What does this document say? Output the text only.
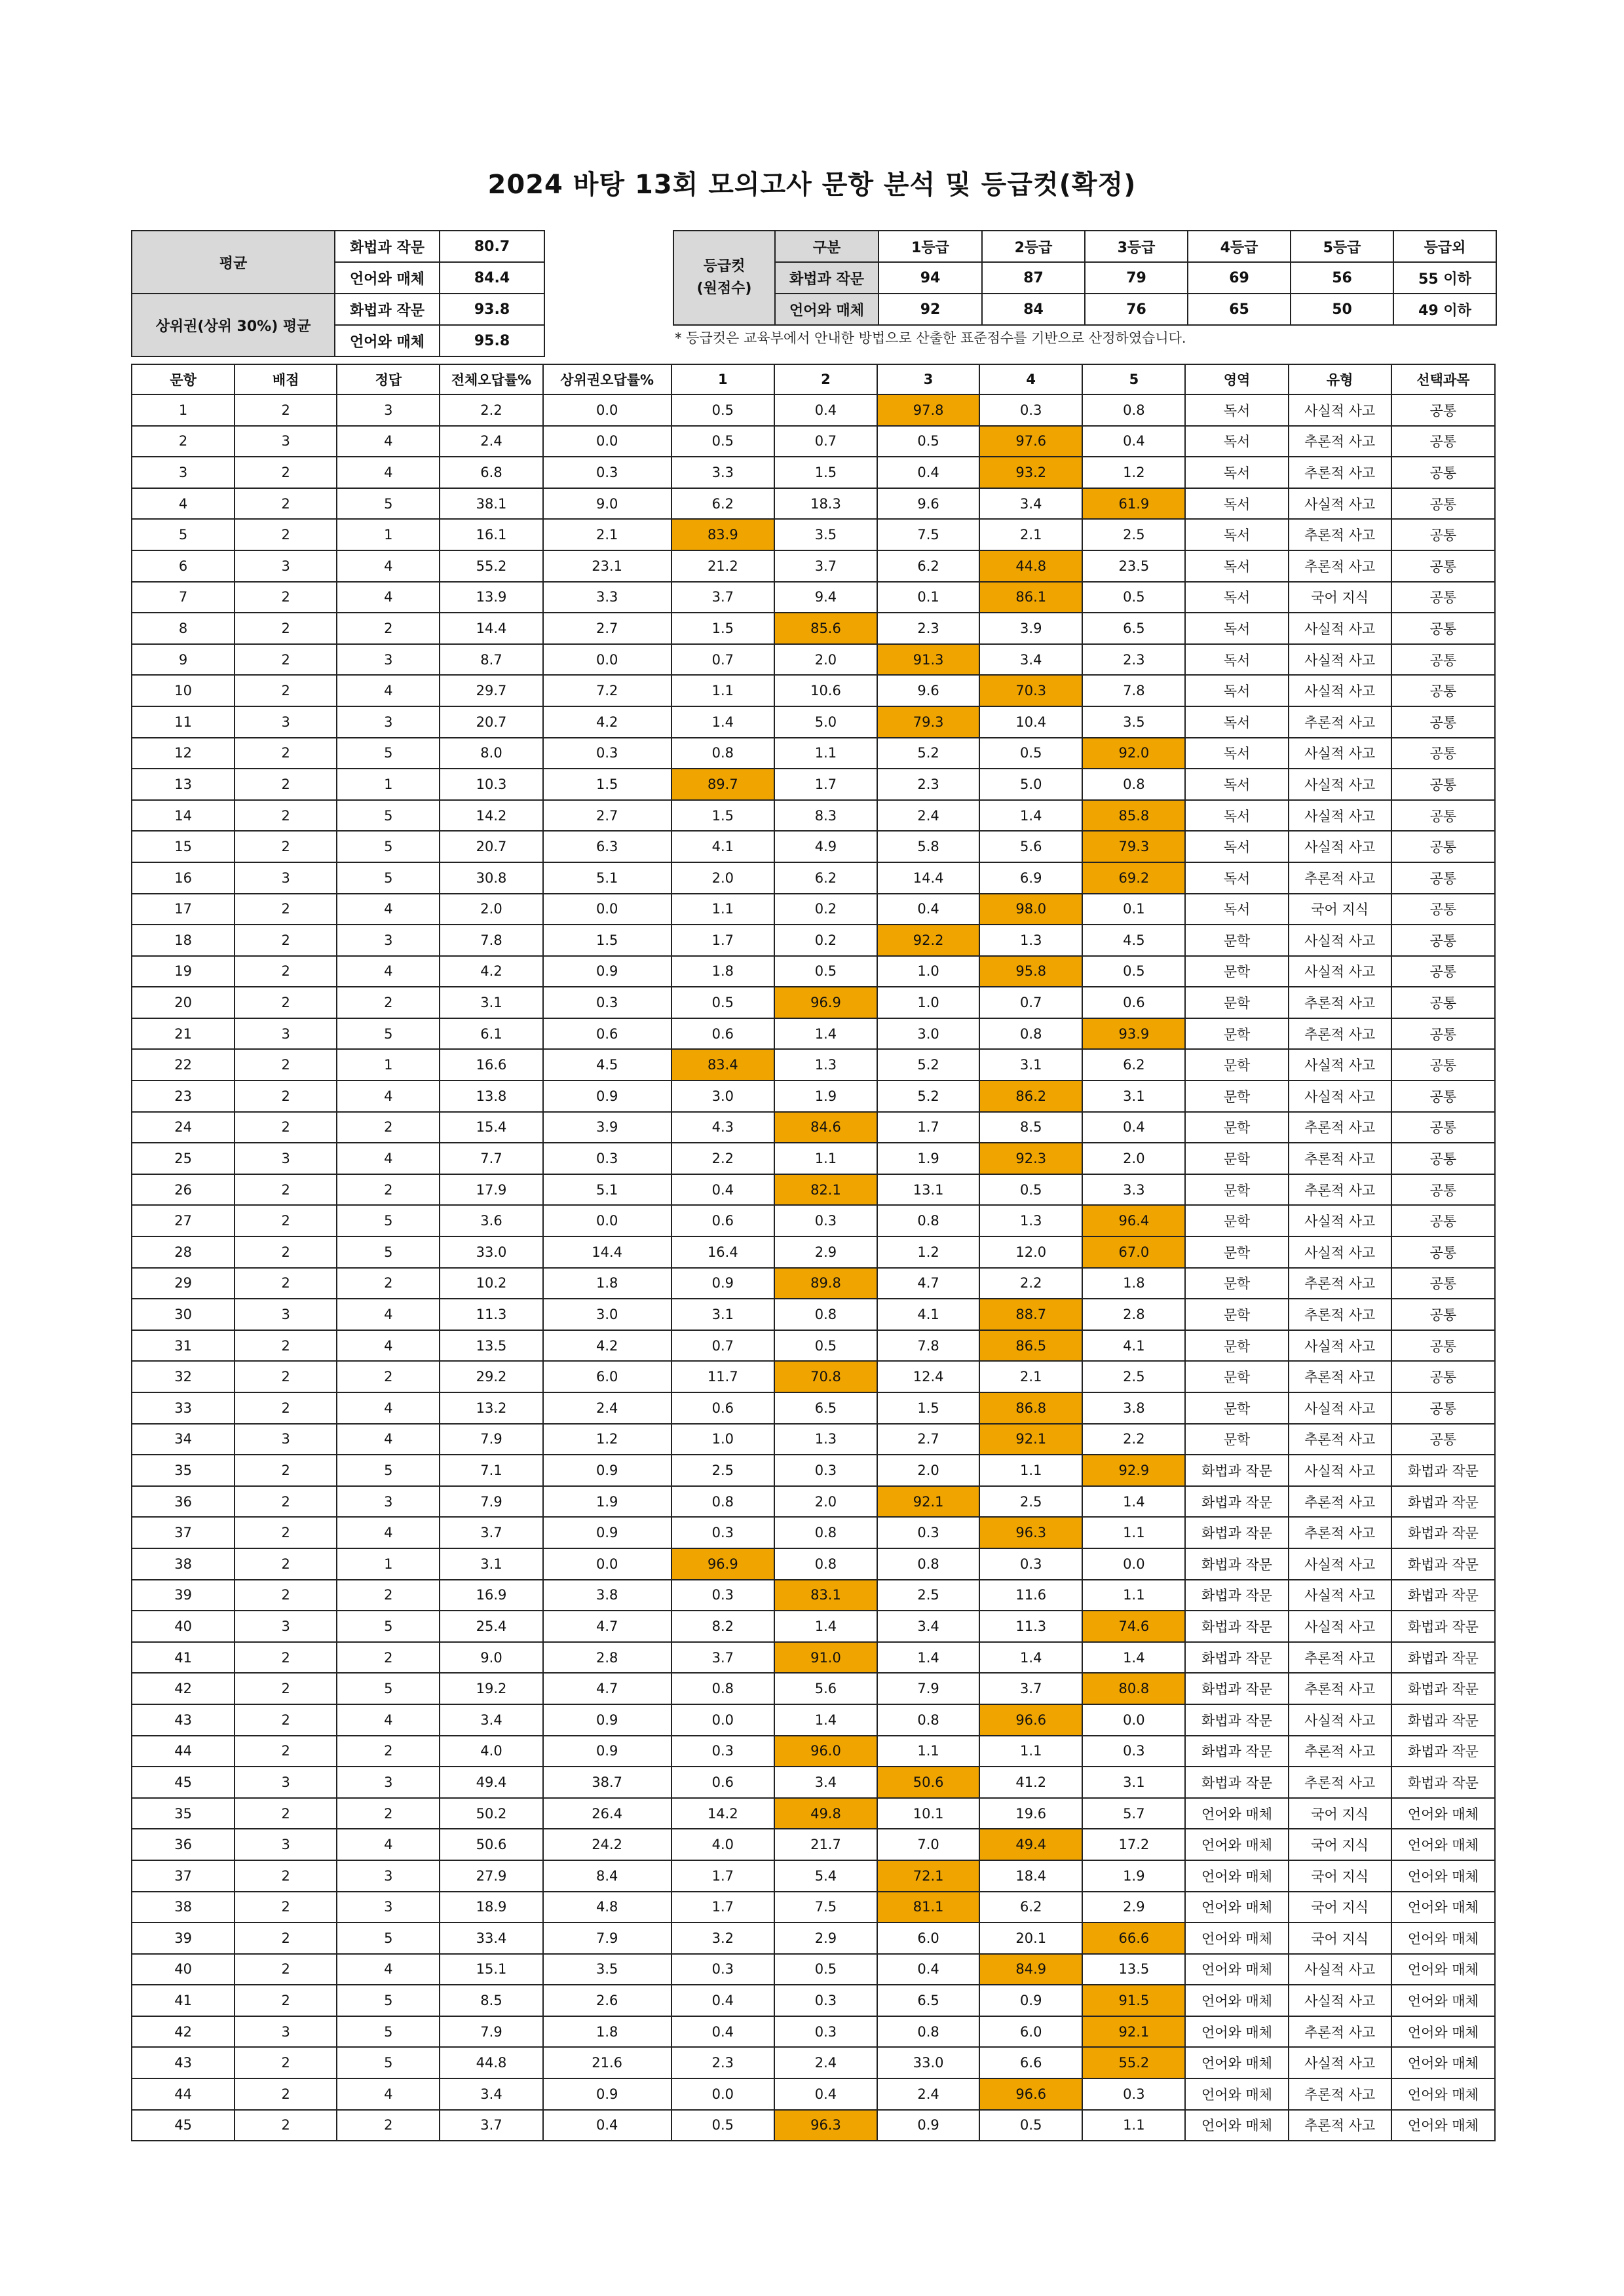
2024 바탕 13회 모의고사 문항 분석 및 등급컷(확정)
평균	화법과 작문	80.7
	언어와 매체	84.4
상위권(상위 30%) 평균	화법과 작문	93.8
	언어와 매체	95.8
등급컷
(원점수)	구분	1등급	2등급	3등급	4등급	5등급	등급외
	화법과 작문	94	87	79	69	56	55 이하
	언어와 매체	92	84	76	65	50	49 이하
* 등급컷은 교육부에서 안내한 방법으로 산출한 표준점수를 기반으로 산정하였습니다.
문항	배점	정답	전체오답률%	상위권오답률%	1	2	3	4	5	영역	유형	선택과목
1	2	3	2.2	0.0	0.5	0.4	97.8	0.3	0.8	독서	사실적 사고	공통
2	3	4	2.4	0.0	0.5	0.7	0.5	97.6	0.4	독서	추론적 사고	공통
3	2	4	6.8	0.3	3.3	1.5	0.4	93.2	1.2	독서	추론적 사고	공통
4	2	5	38.1	9.0	6.2	18.3	9.6	3.4	61.9	독서	사실적 사고	공통
5	2	1	16.1	2.1	83.9	3.5	7.5	2.1	2.5	독서	추론적 사고	공통
6	3	4	55.2	23.1	21.2	3.7	6.2	44.8	23.5	독서	추론적 사고	공통
7	2	4	13.9	3.3	3.7	9.4	0.1	86.1	0.5	독서	국어 지식	공통
8	2	2	14.4	2.7	1.5	85.6	2.3	3.9	6.5	독서	사실적 사고	공통
9	2	3	8.7	0.0	0.7	2.0	91.3	3.4	2.3	독서	사실적 사고	공통
10	2	4	29.7	7.2	1.1	10.6	9.6	70.3	7.8	독서	사실적 사고	공통
11	3	3	20.7	4.2	1.4	5.0	79.3	10.4	3.5	독서	추론적 사고	공통
12	2	5	8.0	0.3	0.8	1.1	5.2	0.5	92.0	독서	사실적 사고	공통
13	2	1	10.3	1.5	89.7	1.7	2.3	5.0	0.8	독서	사실적 사고	공통
14	2	5	14.2	2.7	1.5	8.3	2.4	1.4	85.8	독서	사실적 사고	공통
15	2	5	20.7	6.3	4.1	4.9	5.8	5.6	79.3	독서	사실적 사고	공통
16	3	5	30.8	5.1	2.0	6.2	14.4	6.9	69.2	독서	추론적 사고	공통
17	2	4	2.0	0.0	1.1	0.2	0.4	98.0	0.1	독서	국어 지식	공통
18	2	3	7.8	1.5	1.7	0.2	92.2	1.3	4.5	문학	사실적 사고	공통
19	2	4	4.2	0.9	1.8	0.5	1.0	95.8	0.5	문학	사실적 사고	공통
20	2	2	3.1	0.3	0.5	96.9	1.0	0.7	0.6	문학	추론적 사고	공통
21	3	5	6.1	0.6	0.6	1.4	3.0	0.8	93.9	문학	추론적 사고	공통
22	2	1	16.6	4.5	83.4	1.3	5.2	3.1	6.2	문학	사실적 사고	공통
23	2	4	13.8	0.9	3.0	1.9	5.2	86.2	3.1	문학	사실적 사고	공통
24	2	2	15.4	3.9	4.3	84.6	1.7	8.5	0.4	문학	추론적 사고	공통
25	3	4	7.7	0.3	2.2	1.1	1.9	92.3	2.0	문학	추론적 사고	공통
26	2	2	17.9	5.1	0.4	82.1	13.1	0.5	3.3	문학	추론적 사고	공통
27	2	5	3.6	0.0	0.6	0.3	0.8	1.3	96.4	문학	사실적 사고	공통
28	2	5	33.0	14.4	16.4	2.9	1.2	12.0	67.0	문학	사실적 사고	공통
29	2	2	10.2	1.8	0.9	89.8	4.7	2.2	1.8	문학	추론적 사고	공통
30	3	4	11.3	3.0	3.1	0.8	4.1	88.7	2.8	문학	추론적 사고	공통
31	2	4	13.5	4.2	0.7	0.5	7.8	86.5	4.1	문학	사실적 사고	공통
32	2	2	29.2	6.0	11.7	70.8	12.4	2.1	2.5	문학	추론적 사고	공통
33	2	4	13.2	2.4	0.6	6.5	1.5	86.8	3.8	문학	사실적 사고	공통
34	3	4	7.9	1.2	1.0	1.3	2.7	92.1	2.2	문학	추론적 사고	공통
35	2	5	7.1	0.9	2.5	0.3	2.0	1.1	92.9	화법과 작문	사실적 사고	화법과 작문
36	2	3	7.9	1.9	0.8	2.0	92.1	2.5	1.4	화법과 작문	추론적 사고	화법과 작문
37	2	4	3.7	0.9	0.3	0.8	0.3	96.3	1.1	화법과 작문	추론적 사고	화법과 작문
38	2	1	3.1	0.0	96.9	0.8	0.8	0.3	0.0	화법과 작문	사실적 사고	화법과 작문
39	2	2	16.9	3.8	0.3	83.1	2.5	11.6	1.1	화법과 작문	사실적 사고	화법과 작문
40	3	5	25.4	4.7	8.2	1.4	3.4	11.3	74.6	화법과 작문	사실적 사고	화법과 작문
41	2	2	9.0	2.8	3.7	91.0	1.4	1.4	1.4	화법과 작문	추론적 사고	화법과 작문
42	2	5	19.2	4.7	0.8	5.6	7.9	3.7	80.8	화법과 작문	추론적 사고	화법과 작문
43	2	4	3.4	0.9	0.0	1.4	0.8	96.6	0.0	화법과 작문	사실적 사고	화법과 작문
44	2	2	4.0	0.9	0.3	96.0	1.1	1.1	0.3	화법과 작문	추론적 사고	화법과 작문
45	3	3	49.4	38.7	0.6	3.4	50.6	41.2	3.1	화법과 작문	추론적 사고	화법과 작문
35	2	2	50.2	26.4	14.2	49.8	10.1	19.6	5.7	언어와 매체	국어 지식	언어와 매체
36	3	4	50.6	24.2	4.0	21.7	7.0	49.4	17.2	언어와 매체	국어 지식	언어와 매체
37	2	3	27.9	8.4	1.7	5.4	72.1	18.4	1.9	언어와 매체	국어 지식	언어와 매체
38	2	3	18.9	4.8	1.7	7.5	81.1	6.2	2.9	언어와 매체	국어 지식	언어와 매체
39	2	5	33.4	7.9	3.2	2.9	6.0	20.1	66.6	언어와 매체	국어 지식	언어와 매체
40	2	4	15.1	3.5	0.3	0.5	0.4	84.9	13.5	언어와 매체	사실적 사고	언어와 매체
41	2	5	8.5	2.6	0.4	0.3	6.5	0.9	91.5	언어와 매체	사실적 사고	언어와 매체
42	3	5	7.9	1.8	0.4	0.3	0.8	6.0	92.1	언어와 매체	추론적 사고	언어와 매체
43	2	5	44.8	21.6	2.3	2.4	33.0	6.6	55.2	언어와 매체	사실적 사고	언어와 매체
44	2	4	3.4	0.9	0.0	0.4	2.4	96.6	0.3	언어와 매체	추론적 사고	언어와 매체
45	2	2	3.7	0.4	0.5	96.3	0.9	0.5	1.1	언어와 매체	추론적 사고	언어와 매체
